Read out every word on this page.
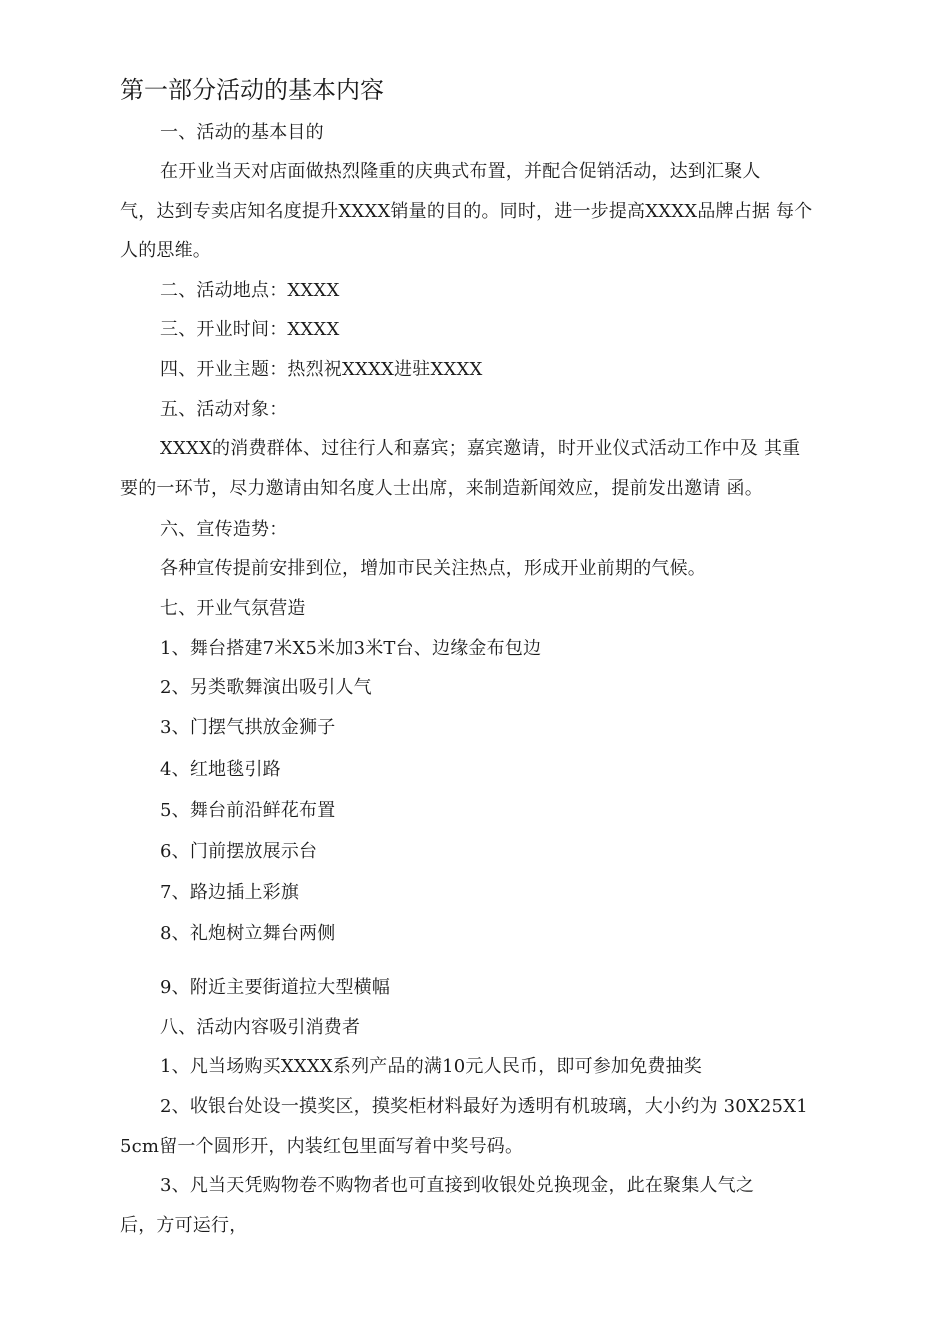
第一部分活动的基本内容
一、活动的基本目的
在开业当天对店面做热烈隆重的庆典式布置，并配合促销活动，达到汇聚人
气，达到专卖店知名度提升XXXX销量的目的。同时，进一步提高XXXX品牌占据 每个
人的思维。
二、活动地点：XXXX
三、开业时间：XXXX
四、开业主题：热烈祝XXXX进驻XXXX
五、活动对象：
XXXX的消费群体、过往行人和嘉宾；嘉宾邀请，时开业仪式活动工作中及 其重
要的一环节，尽力邀请由知名度人士出席，来制造新闻效应，提前发出邀请 函。
六、宣传造势：
各种宣传提前安排到位，增加市民关注热点，形成开业前期的气候。
七、开业气氛营造
1、舞台搭建7米X5米加3米T台、边缘金布包边
2、另类歌舞演出吸引人气
3、门摆气拱放金狮子
4、红地毯引路
5、舞台前沿鲜花布置
6、门前摆放展示台
7、路边插上彩旗
8、礼炮树立舞台两侧
9、附近主要街道拉大型横幅
八、活动内容吸引消费者
1、凡当场购买XXXX系列产品的满10元人民币，即可参加免费抽奖
2、收银台处设一摸奖区，摸奖柜材料最好为透明有机玻璃，大小约为 30X25X1
5cm留一个圆形开，内装红包里面写着中奖号码。
3、凡当天凭购物卷不购物者也可直接到收银处兑换现金，此在聚集人气之
后，方可运行，
